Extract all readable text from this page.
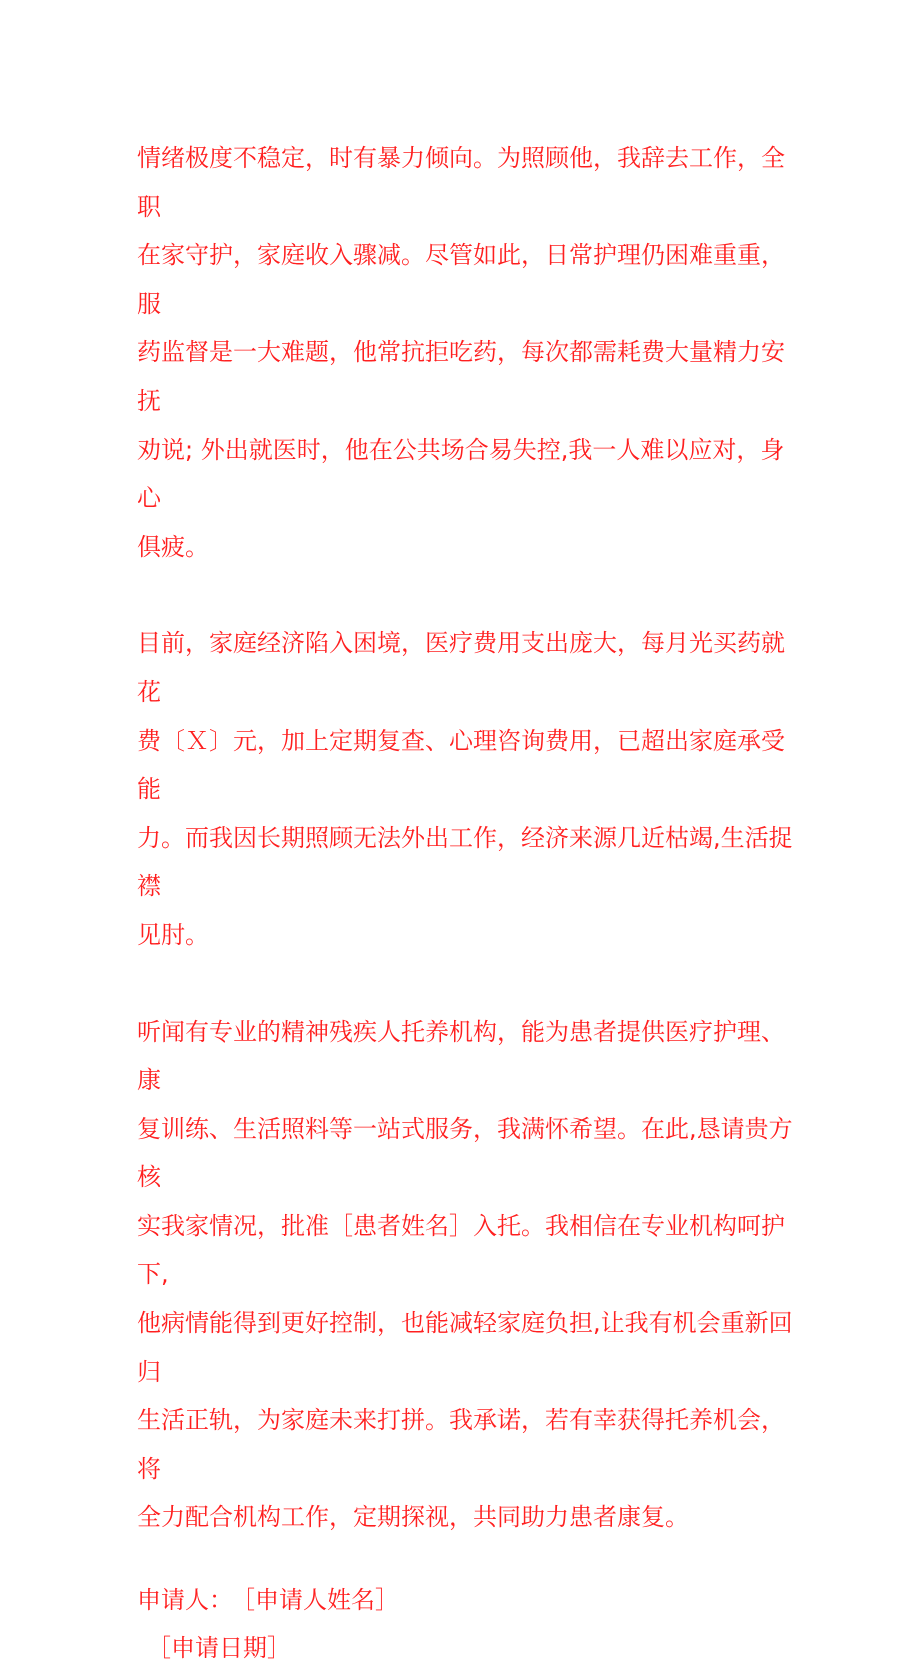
情绪极度不稳定，时有暴力倾向。为照顾他，我辞去工作，全职
在家守护，家庭收入骤减。尽管如此，日常护理仍困难重重，服
药监督是一大难题，他常抗拒吃药，每次都需耗费大量精力安抚
劝说; 外出就医时，他在公共场合易失控,我一人难以应对，身心
俱疲。

目前，家庭经济陷入困境，医疗费用支出庞大，每月光买药就花
费〔Ｘ〕元，加上定期复查、心理咨询费用，已超出家庭承受能
力。而我因长期照顾无法外出工作，经济来源几近枯竭,生活捉襟
见肘。

听闻有专业的精神残疾人托养机构，能为患者提供医疗护理、康
复训练、生活照料等一站式服务，我满怀希望。在此,恳请贵方核
实我家情况，批准［患者姓名］入托。我相信在专业机构呵护下,
他病情能得到更好控制，也能减轻家庭负担,让我有机会重新回归
生活正轨，为家庭未来打拼。我承诺，若有幸获得托养机会，将
全力配合机构工作，定期探视，共同助力患者康复。

申请人： ［申请人姓名］

［申请日期］
